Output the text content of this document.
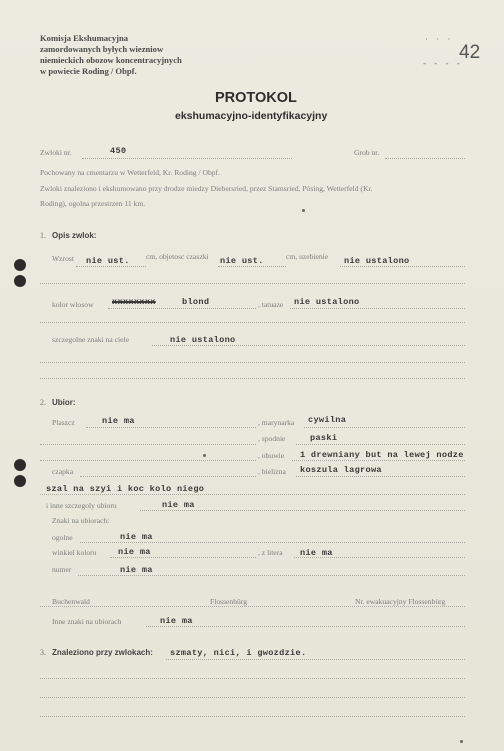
Komisja Ekshumacyjna
zamordowanych byłych wiezniow
niemieckich obozow koncentracyjnych
w powiecie Roding / Obpf.
· · ·
- - - -
42
PROTOKOL
ekshumacyjno-identyfikacyjny
Zwloki nr.	450	Grob nr.
Pochowany na cmentarzu w Wetterfeld, Kr. Roding / Obpf.
Zwloki znaleziono i ekshumowano przy drodze miedzy Diebersried, przez Stamsried, Pösing, Wetterfeld (Kr.
Roding), ogolna przestrzen 11 km.
1. Opis zwlok:
Wzrost nie ust. cm, objetosc czaszki nie ust.	cm, uzebienie nie ustalono
kolor wlosow xxxxxxxx	blond	, tatuaze nie ustalono
szczegolne znaki na ciele	nie ustalono
2. Ubior:
Plaszcz	nie ma	, marynarka cywilna
, spodnie	paski
, obuwie 1 drewniany but na lewej nodze
czapka	, bielizna koszula lagrowa
szal na szyi i koc kolo niego
i inne szczegoly ubioru	nie ma
Znaki na ubiorach:
ogolne	nie ma
winkiel koloru nie ma	, z litera nie ma
numer	nie ma
Buchenwald	Flossenbürg	Nr. ewakuacyjny Flossenbürg
Inne znaki na ubiorach	nie ma
3. Znaleziono przy zwlokach: szmaty, nici, i gwozdzie.
